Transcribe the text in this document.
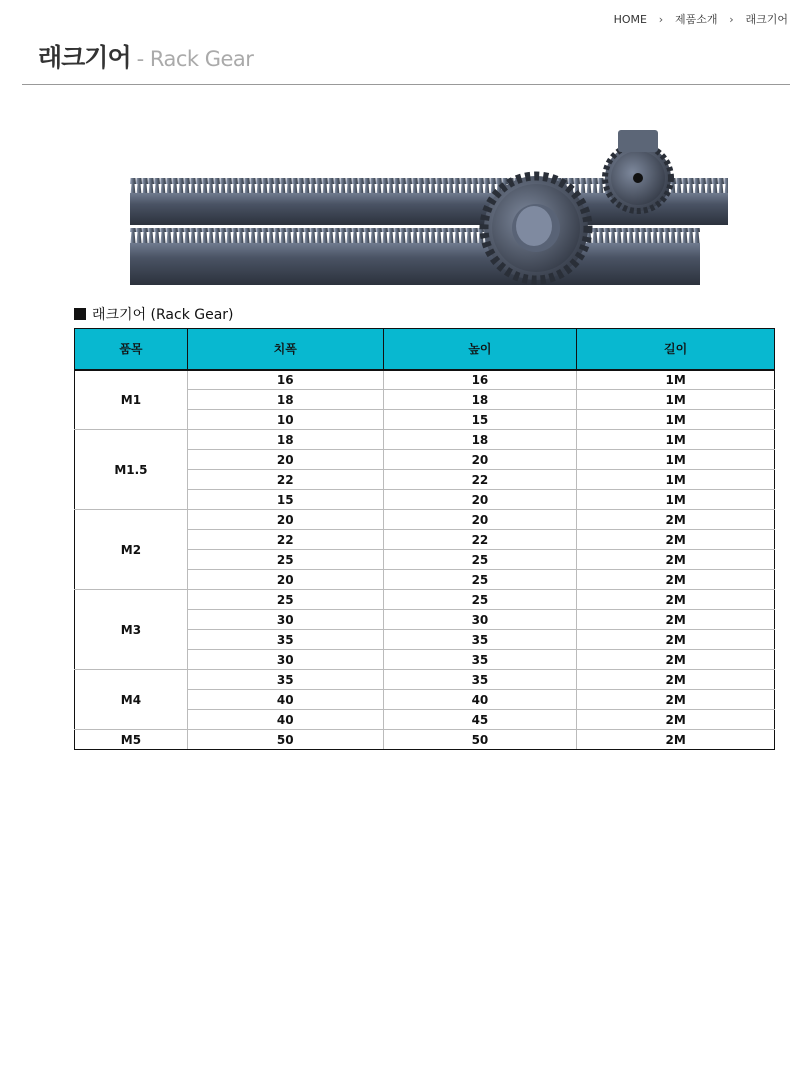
HOME › 제품소개 › 래크기어
래크기어 - Rack Gear
래크기어 (Rack Gear)
품목	치폭	높이	길이
M1	16	16	1M
	18	18	1M
	10	15	1M
M1.5	18	18	1M
	20	20	1M
	22	22	1M
	15	20	1M
M2	20	20	2M
	22	22	2M
	25	25	2M
	20	25	2M
M3	25	25	2M
	30	30	2M
	35	35	2M
	30	35	2M
M4	35	35	2M
	40	40	2M
	40	45	2M
M5	50	50	2M
